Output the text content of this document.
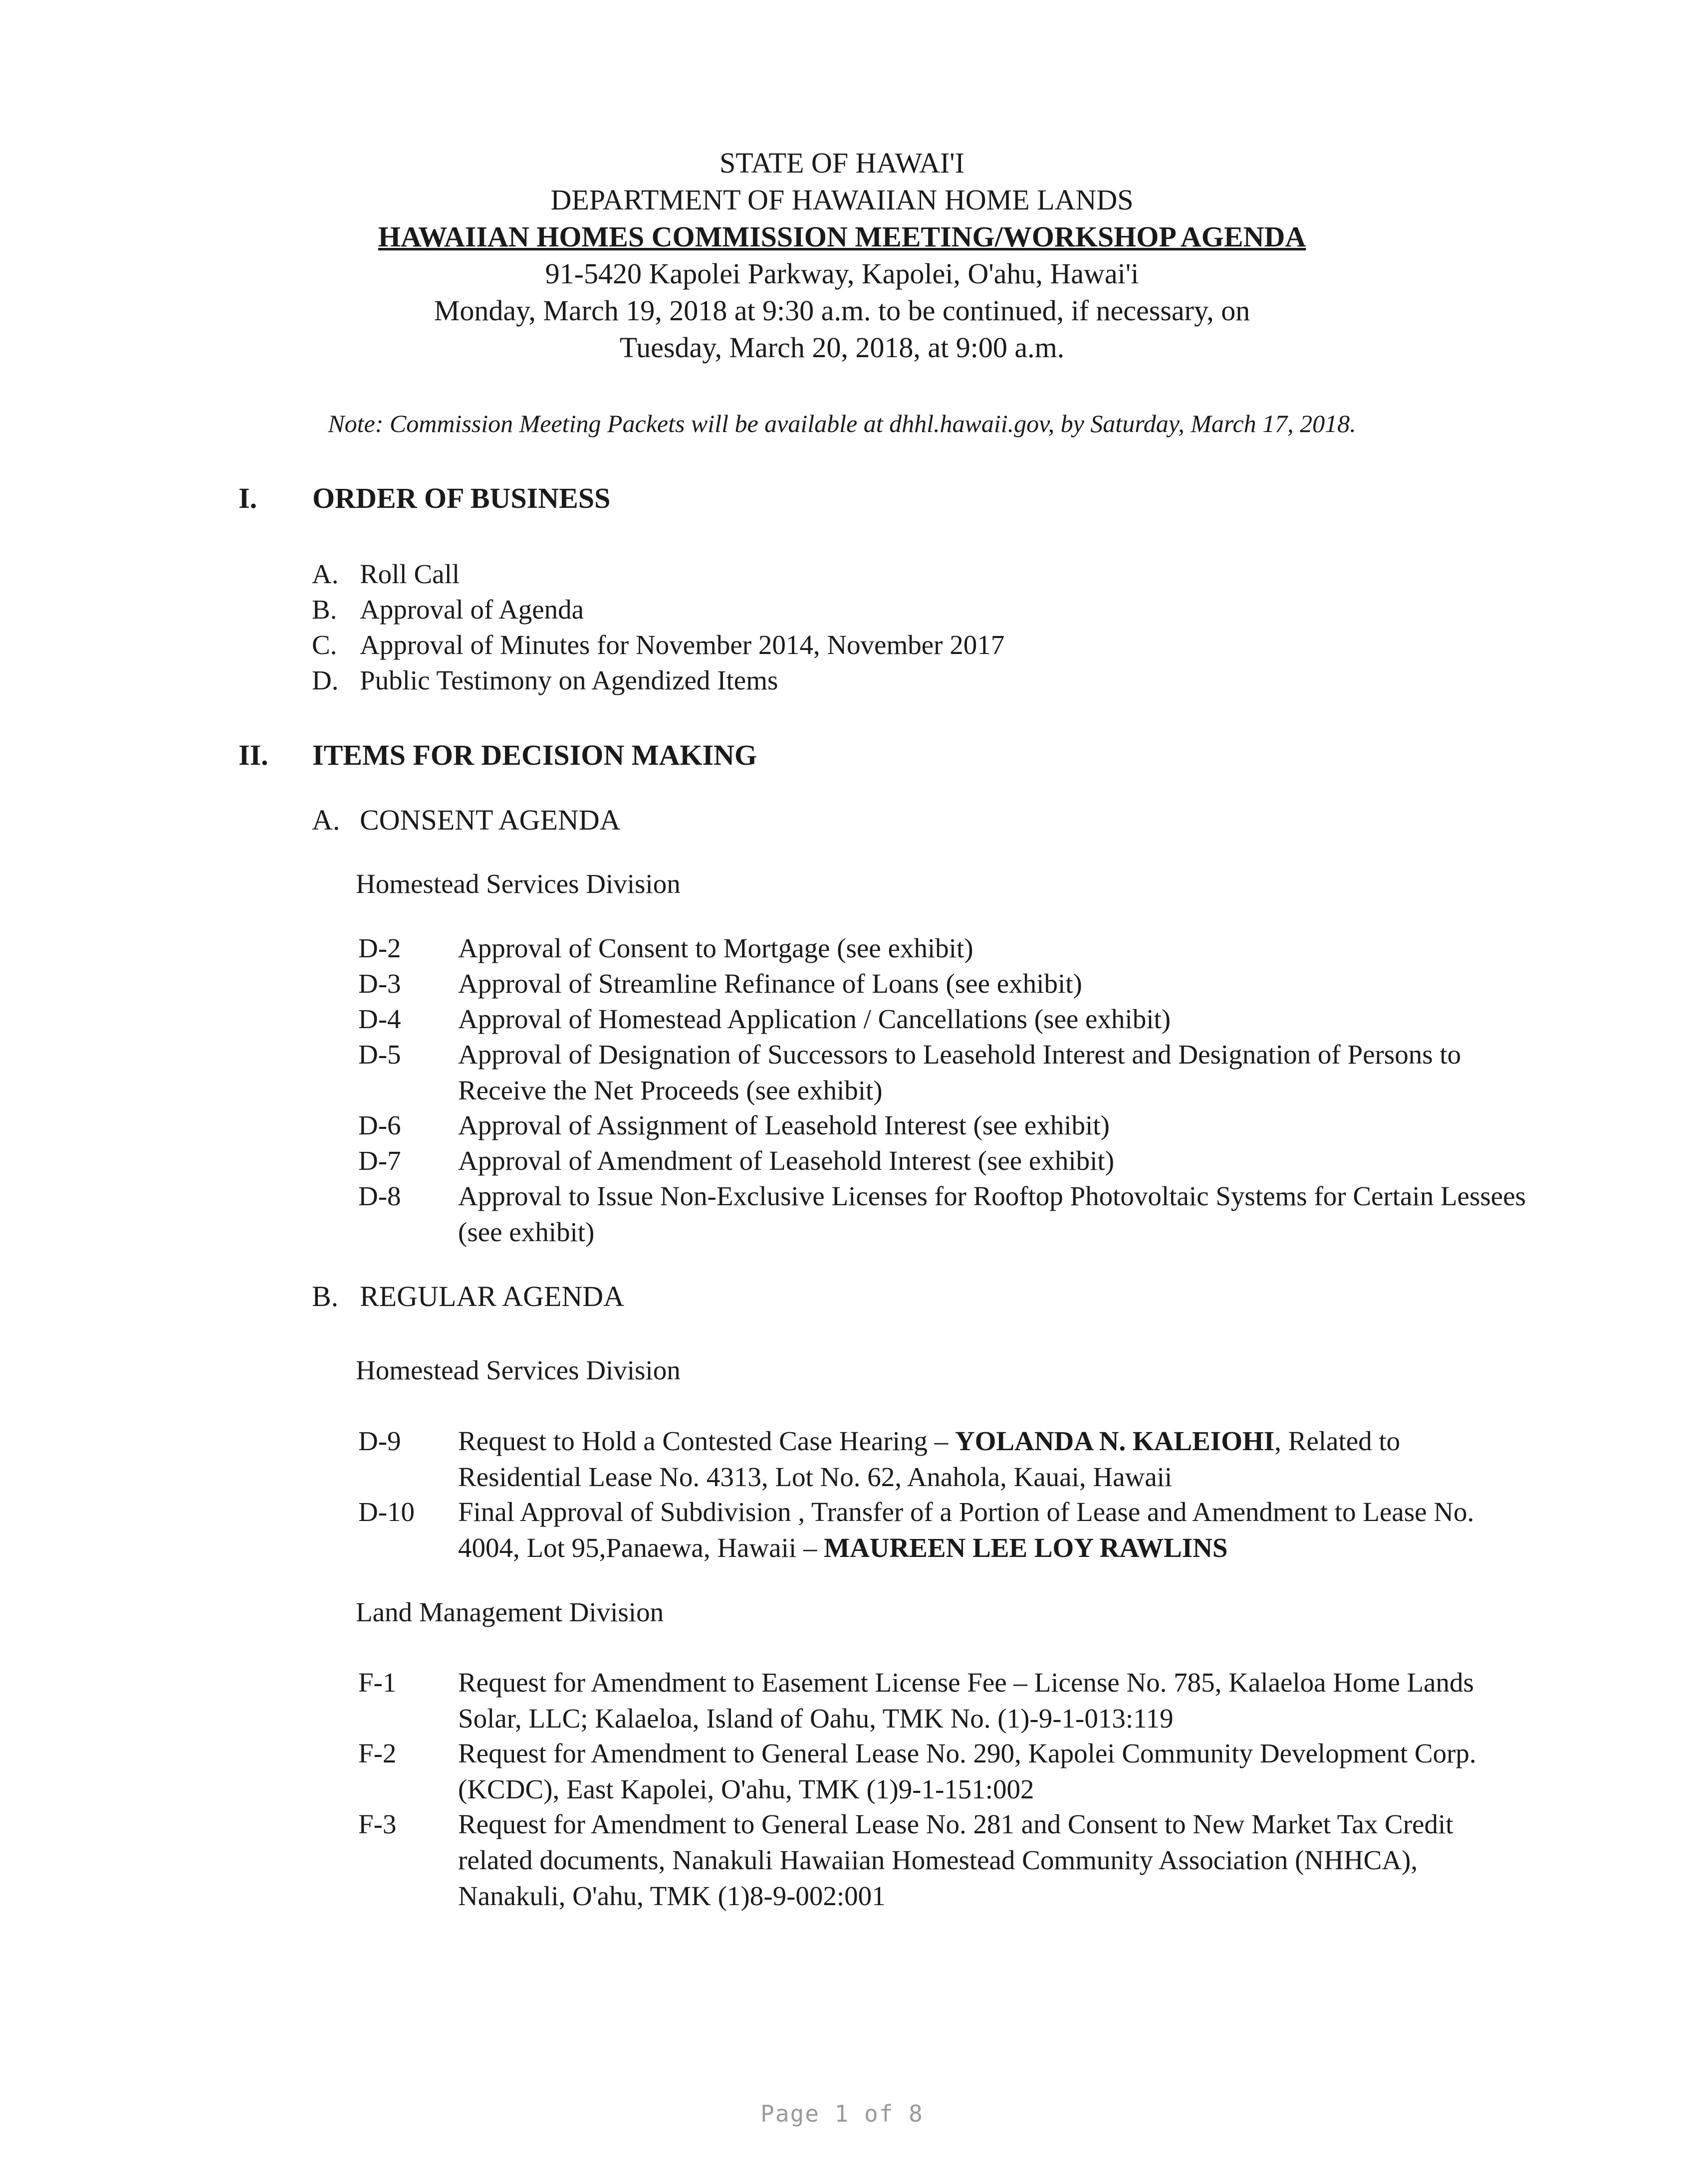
STATE OF HAWAI'I
DEPARTMENT OF HAWAIIAN HOME LANDS
HAWAIIAN HOMES COMMISSION MEETING/WORKSHOP AGENDA
91-5420 Kapolei Parkway, Kapolei, O'ahu, Hawai'i
Monday, March 19, 2018 at 9:30 a.m. to be continued, if necessary, on
Tuesday, March 20, 2018, at 9:00 a.m.
Note: Commission Meeting Packets will be available at dhhl.hawaii.gov, by Saturday, March 17, 2018.
I. ORDER OF BUSINESS
A. Roll Call
B. Approval of Agenda
C. Approval of Minutes for November 2014, November 2017
D. Public Testimony on Agendized Items
II. ITEMS FOR DECISION MAKING
A. CONSENT AGENDA
Homestead Services Division
D-2 Approval of Consent to Mortgage (see exhibit)
D-3 Approval of Streamline Refinance of Loans (see exhibit)
D-4 Approval of Homestead Application / Cancellations (see exhibit)
D-5 Approval of Designation of Successors to Leasehold Interest and Designation of Persons to Receive the Net Proceeds (see exhibit)
D-6 Approval of Assignment of Leasehold Interest (see exhibit)
D-7 Approval of Amendment of Leasehold Interest (see exhibit)
D-8 Approval to Issue Non-Exclusive Licenses for Rooftop Photovoltaic Systems for Certain Lessees (see exhibit)
B. REGULAR AGENDA
Homestead Services Division
D-9 Request to Hold a Contested Case Hearing – YOLANDA N. KALEIOHI, Related to Residential Lease No. 4313, Lot No. 62, Anahola, Kauai, Hawaii
D-10 Final Approval of Subdivision , Transfer of a Portion of Lease and Amendment to Lease No. 4004, Lot 95,Panaewa, Hawaii – MAUREEN LEE LOY RAWLINS
Land Management Division
F-1 Request for Amendment to Easement License Fee – License No. 785, Kalaeloa Home Lands Solar, LLC; Kalaeloa, Island of Oahu, TMK No. (1)-9-1-013:119
F-2 Request for Amendment to General Lease No. 290, Kapolei Community Development Corp. (KCDC), East Kapolei, O'ahu, TMK (1)9-1-151:002
F-3 Request for Amendment to General Lease No. 281 and Consent to New Market Tax Credit related documents, Nanakuli Hawaiian Homestead Community Association (NHHCA), Nanakuli, O'ahu, TMK (1)8-9-002:001
Page 1 of 8
